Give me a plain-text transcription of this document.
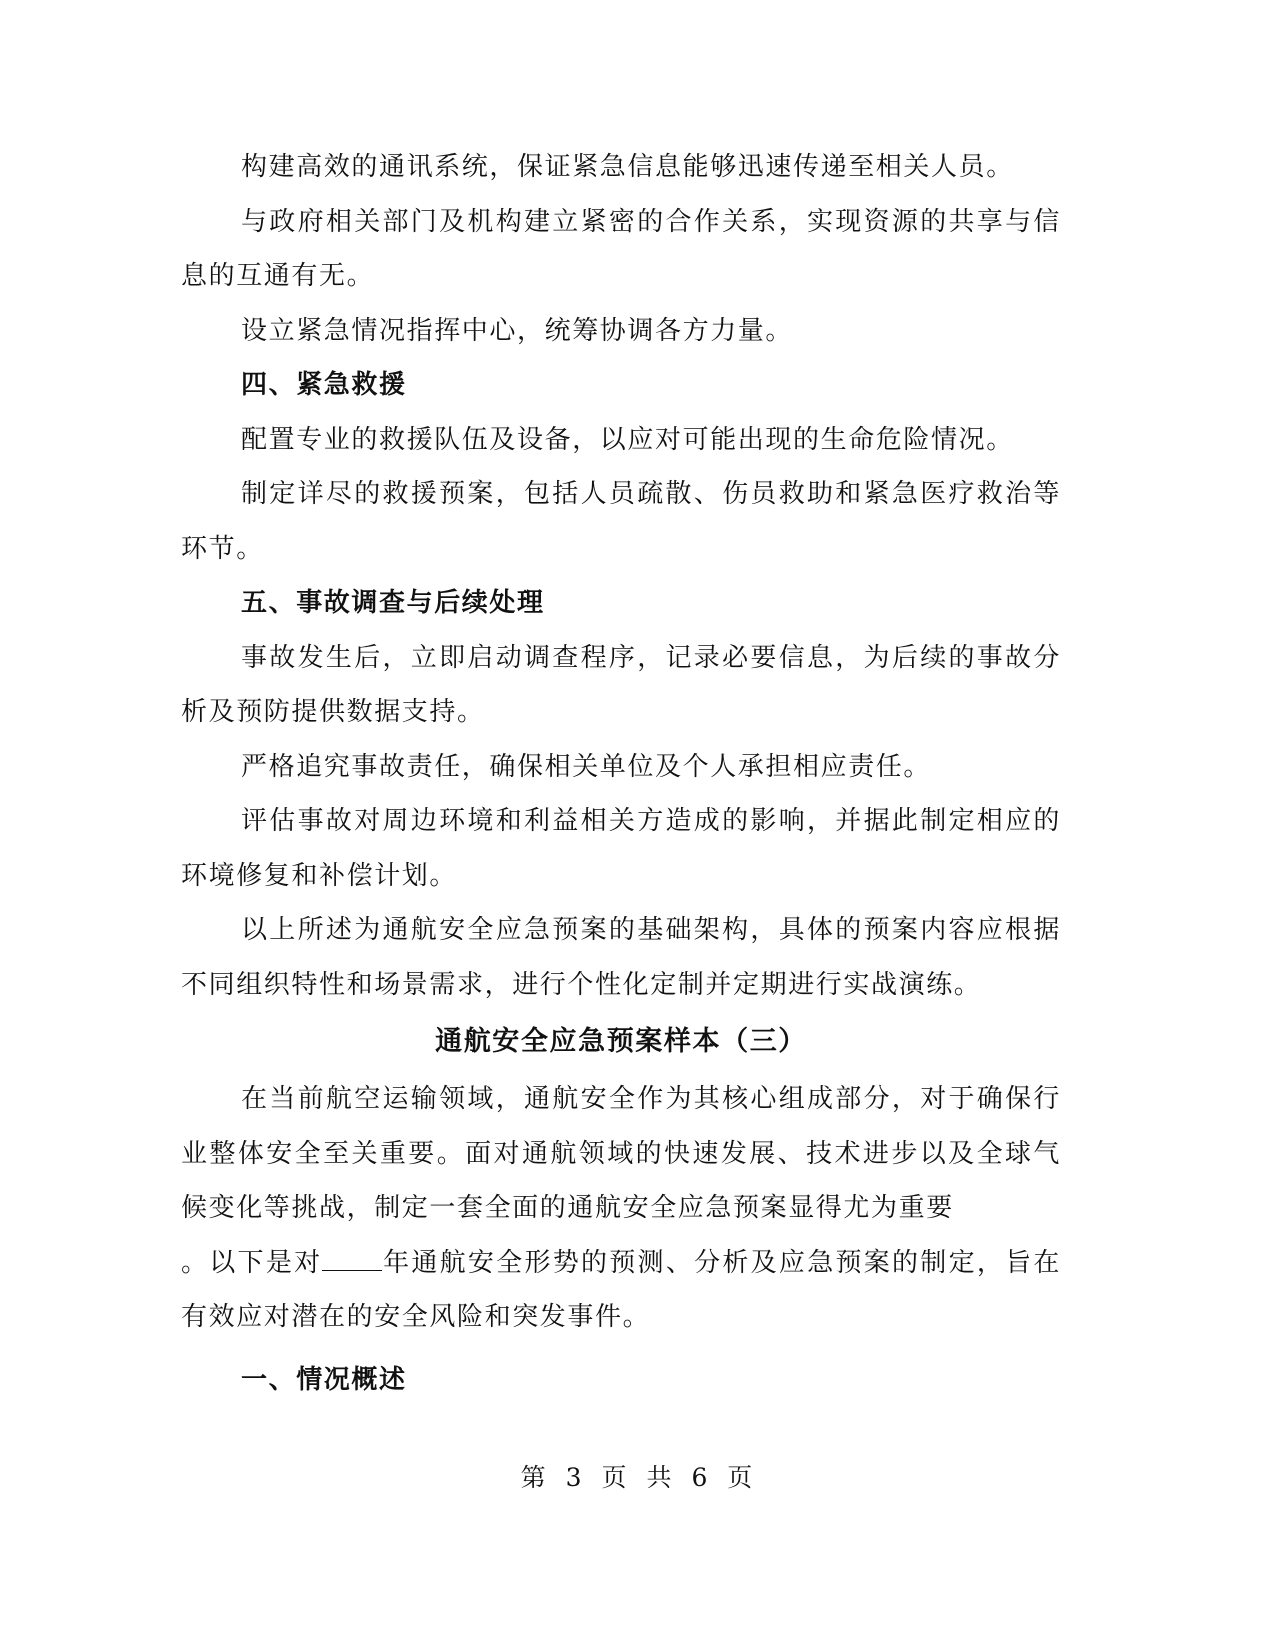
构建高效的通讯系统，保证紧急信息能够迅速传递至相关人员。

与政府相关部门及机构建立紧密的合作关系，实现资源的共享与信息的互通有无。

设立紧急情况指挥中心，统筹协调各方力量。

四、紧急救援

配置专业的救援队伍及设备，以应对可能出现的生命危险情况。

制定详尽的救援预案，包括人员疏散、伤员救助和紧急医疗救治等环节。

五、事故调查与后续处理

事故发生后，立即启动调查程序，记录必要信息，为后续的事故分析及预防提供数据支持。

严格追究事故责任，确保相关单位及个人承担相应责任。

评估事故对周边环境和利益相关方造成的影响，并据此制定相应的环境修复和补偿计划。

以上所述为通航安全应急预案的基础架构，具体的预案内容应根据不同组织特性和场景需求，进行个性化定制并定期进行实战演练。

通航安全应急预案样本（三）

在当前航空运输领域，通航安全作为其核心组成部分，对于确保行业整体安全至关重要。面对通航领域的快速发展、技术进步以及全球气候变化等挑战，制定一套全面的通航安全应急预案显得尤为重要

。以下是对 年通航安全形势的预测、分析及应急预案的制定，旨在有效应对潜在的安全风险和突发事件。

一、情况概述
第 3 页 共 6 页
